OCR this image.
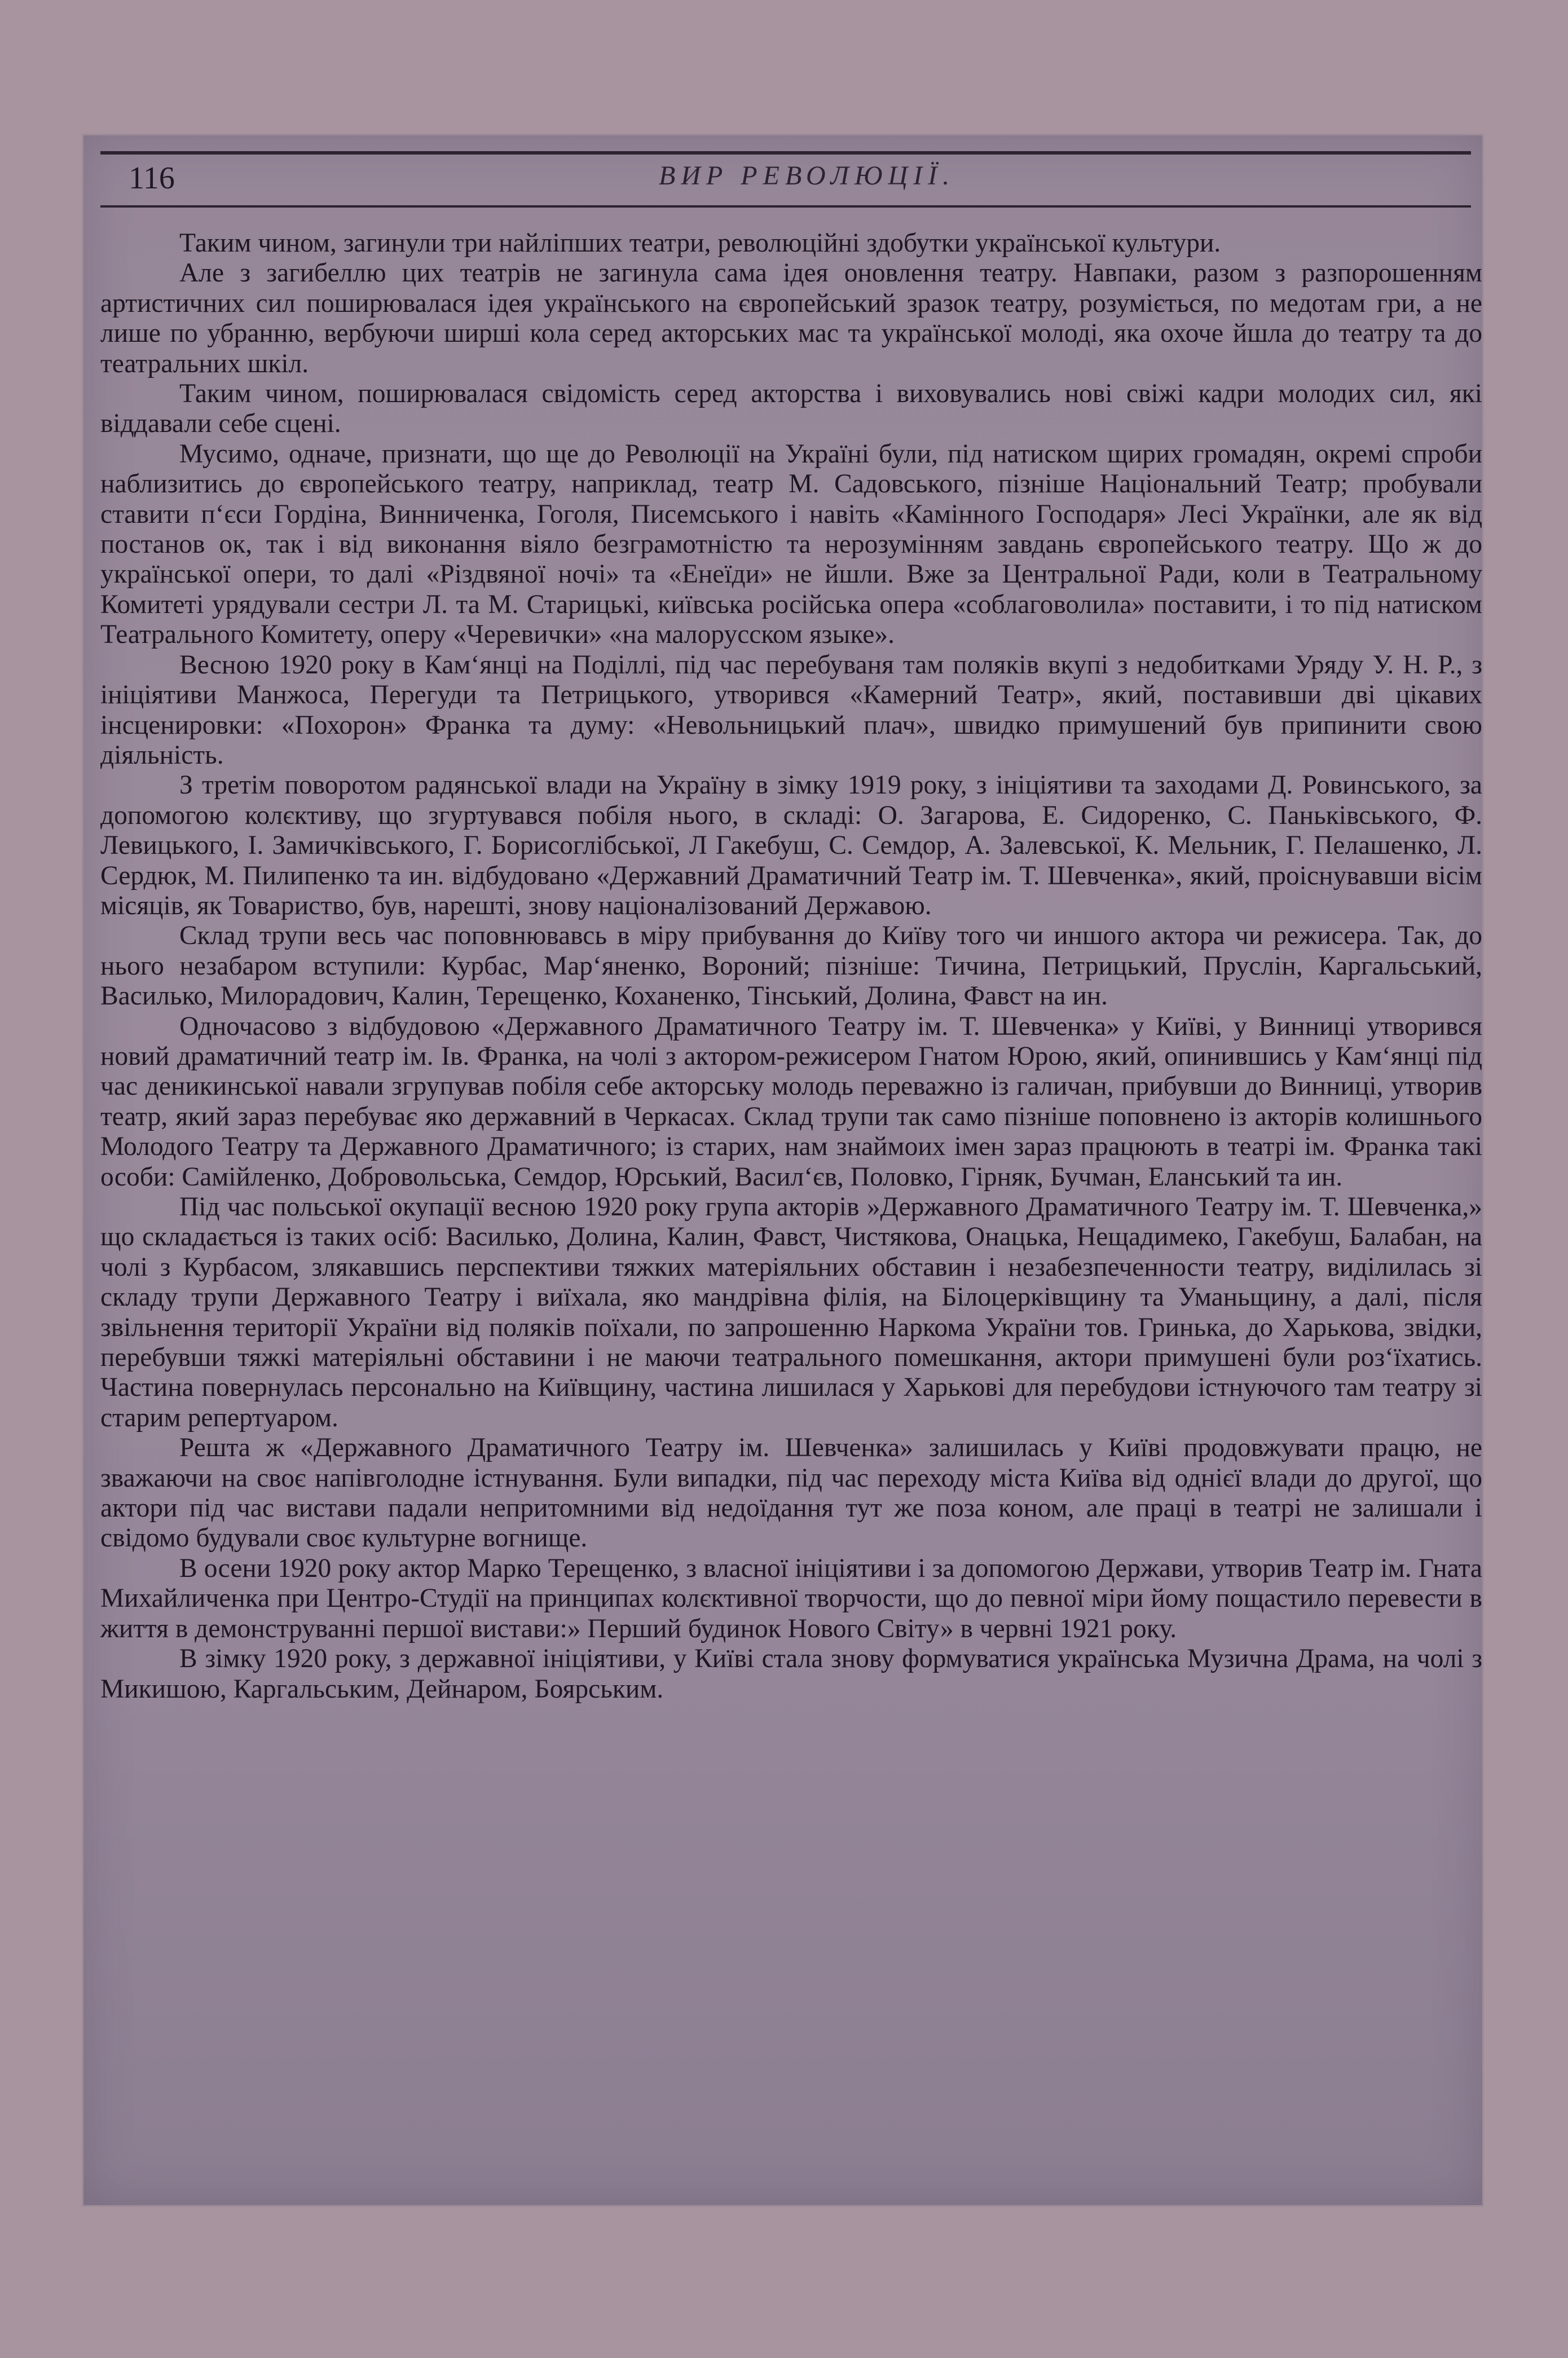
116	ВИР РЕВОЛЮЦІЇ.

Таким чином, загинули три найліпших театри, революційні здобутки української культури.

Але з загибеллю цих театрів не загинула сама ідея оновлення театру. Навпаки, разом з разпорошенням артистичних сил поширювалася ідея українського на європейський зразок театру, розуміється, по медотам гри, а не лише по убранню, вербуючи ширші кола серед акторських мас та української молоді, яка охоче йшла до театру та до театральних шкіл.

Таким чином, поширювалася свідомість серед акторства і виховувались нові свіжі кадри молодих сил, які віддавали себе сцені.

Мусимо, одначе, признати, що ще до Революції на Україні були, під натиском щирих громадян, окремі спроби наблизитись до європейського театру, наприклад, театр М. Садовського, пізніше Національний Театр; пробували ставити п‘єси Гордіна, Винниченка, Гоголя, Писемського і навіть «Камінного Господаря» Лесі Українки, але як від постанов ок, так і від виконання віяло безграмотністю та нерозумінням завдань європейського театру. Що ж до української опери, то далі «Різдвяної ночі» та «Енеїди» не йшли. Вже за Центральної Ради, коли в Театральному Комитеті урядували сестри Л. та М. Старицькі, київська російська опера «соблаговолила» поставити, і то під натиском Театрального Комитету, оперу «Черевички» «на малорусском языке».

Весною 1920 року в Кам‘янці на Поділлі, під час перебуваня там поляків вкупі з недобитками Уряду У. Н. Р., з ініціятиви Манжоса, Перегуди та Петрицького, утворився «Камерний Театр», який, поставивши дві цікавих інсценировки: «Похорон» Франка та думу: «Невольницький плач», швидко примушений був припинити свою діяльність.

З третім поворотом радянської влади на Україну в зімку 1919 року, з ініціятиви та заходами Д. Ровинського, за допомогою колєктиву, що згуртувався побіля нього, в складі: О. Загарова, Е. Сидоренко, С. Паньківського, Ф. Левицького, І. Замичківського, Г. Борисоглібської, Л Гакебуш, С. Семдор, А. Залевської, К. Мельник, Г. Пелашенко, Л. Сердюк, М. Пилипенко та ин. відбудовано «Державний Драматичний Театр ім. Т. Шевченка», який, проіснувавши вісім місяців, як Товариство, був, нарешті, знову націоналізований Державою.

Склад трупи весь час поповнювавсь в міру прибування до Київу того чи иншого актора чи режисера. Так, до нього незабаром вступили: Курбас, Мар‘яненко, Вороний; пізніше: Тичина, Петрицький, Пруслін, Каргальський, Василько, Милорадович, Калин, Терещенко, Коханенко, Тінський, Долина, Фавст на ин.

Одночасово з відбудовою «Державного Драматичного Театру ім. Т. Шевченка» у Київі, у Винниці утворився новий драматичний театр ім. Ів. Франка, на чолі з актором-режисером Гнатом Юрою, який, опинившись у Кам‘янці під час деникинської навали згрупував побіля себе акторську молодь переважно із галичан, прибувши до Винниці, утворив театр, який зараз перебуває яко державний в Черкасах. Склад трупи так само пізніше поповнено із акторів колишнього Молодого Театру та Державного Драматичного; із старих, нам знаймоих імен зараз працюють в театрі ім. Франка такі особи: Самійленко, Добровольська, Семдор, Юрський, Васил‘єв, Половко, Гірняк, Бучман, Еланський та ин.

Під час польської окупації весною 1920 року група акторів »Державного Драматичного Театру ім. Т. Шевченка,» що складається із таких осіб: Василько, Долина, Калин, Фавст, Чистякова, Онацька, Нещадимеко, Гакебуш, Балабан, на чолі з Курбасом, злякавшись перспективи тяжких матеріяльних обставин і незабезпеченности театру, виділилась зі складу трупи Державного Театру і виїхала, яко мандрівна філія, на Білоцерківщину та Уманьщину, а далі, після звільнення території України від поляків поїхали, по запрошенню Наркома України тов. Гринька, до Харькова, звідки, перебувши тяжкі матеріяльні обставини і не маючи театрального помешкання, актори примушені були роз‘їхатись. Частина повернулась персонально на Київщину, частина лишилася у Харькові для перебудови істнуючого там театру зі старим репертуаром.

Решта ж «Державного Драматичного Театру ім. Шевченка» залишилась у Київі продовжувати працю, не зважаючи на своє напівголодне істнування. Були випадки, під час переходу міста Київа від однієї влади до другої, що актори під час вистави падали непритомними від недоїдання тут же поза коном, але праці в театрі не залишали і свідомо будували своє культурне вогнище.

В осени 1920 року актор Марко Терещенко, з власної ініціятиви і за допомогою Держави, утворив Театр ім. Гната Михайличенка при Центро-Студії на принципах колєктивної творчости, що до певної міри йому пощастило перевести в життя в демонструванні першої вистави:» Перший будинок Нового Світу» в червні 1921 року.

В зімку 1920 року, з державної ініціятиви, у Київі стала знову формуватися українська Музична Драма, на чолі з Микишою, Каргальським, Дейнаром, Боярським.
